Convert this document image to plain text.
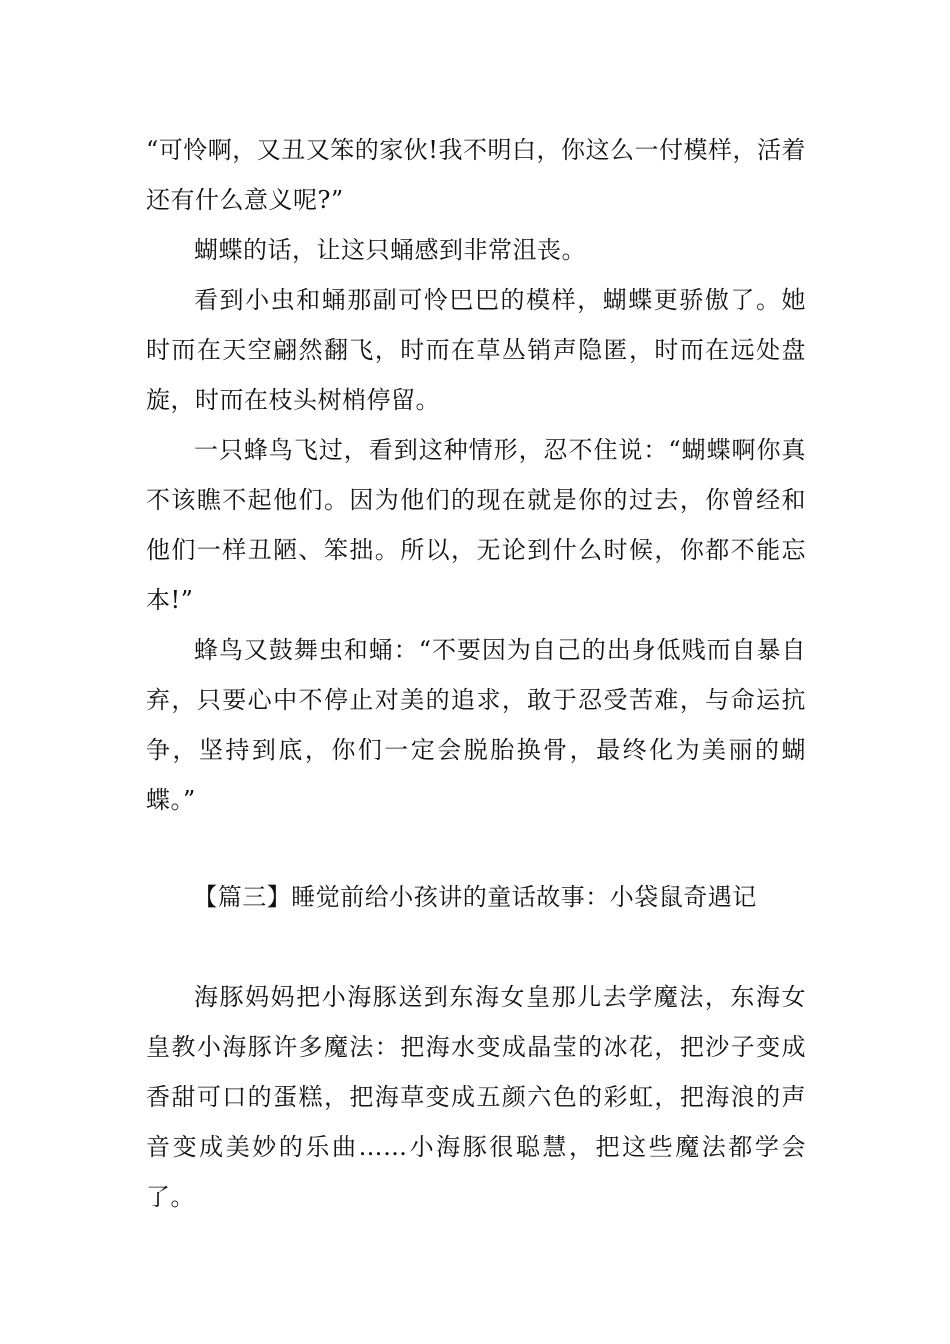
“可怜啊，又丑又笨的家伙!我不明白，你这么一付模样，活着还有什么意义呢?”

蝴蝶的话，让这只蛹感到非常沮丧。

看到小虫和蛹那副可怜巴巴的模样，蝴蝶更骄傲了。她时而在天空翩然翻飞，时而在草丛销声隐匿，时而在远处盘旋，时而在枝头树梢停留。

一只蜂鸟飞过，看到这种情形，忍不住说：“蝴蝶啊你真不该瞧不起他们。因为他们的现在就是你的过去，你曾经和他们一样丑陋、笨拙。所以，无论到什么时候，你都不能忘本!”

蜂鸟又鼓舞虫和蛹：“不要因为自己的出身低贱而自暴自弃，只要心中不停止对美的追求，敢于忍受苦难，与命运抗争，坚持到底，你们一定会脱胎换骨，最终化为美丽的蝴蝶。”

【篇三】睡觉前给小孩讲的童话故事：小袋鼠奇遇记

海豚妈妈把小海豚送到东海女皇那儿去学魔法，东海女皇教小海豚许多魔法：把海水变成晶莹的冰花，把沙子变成香甜可口的蛋糕，把海草变成五颜六色的彩虹，把海浪的声音变成美妙的乐曲……小海豚很聪慧，把这些魔法都学会了。
